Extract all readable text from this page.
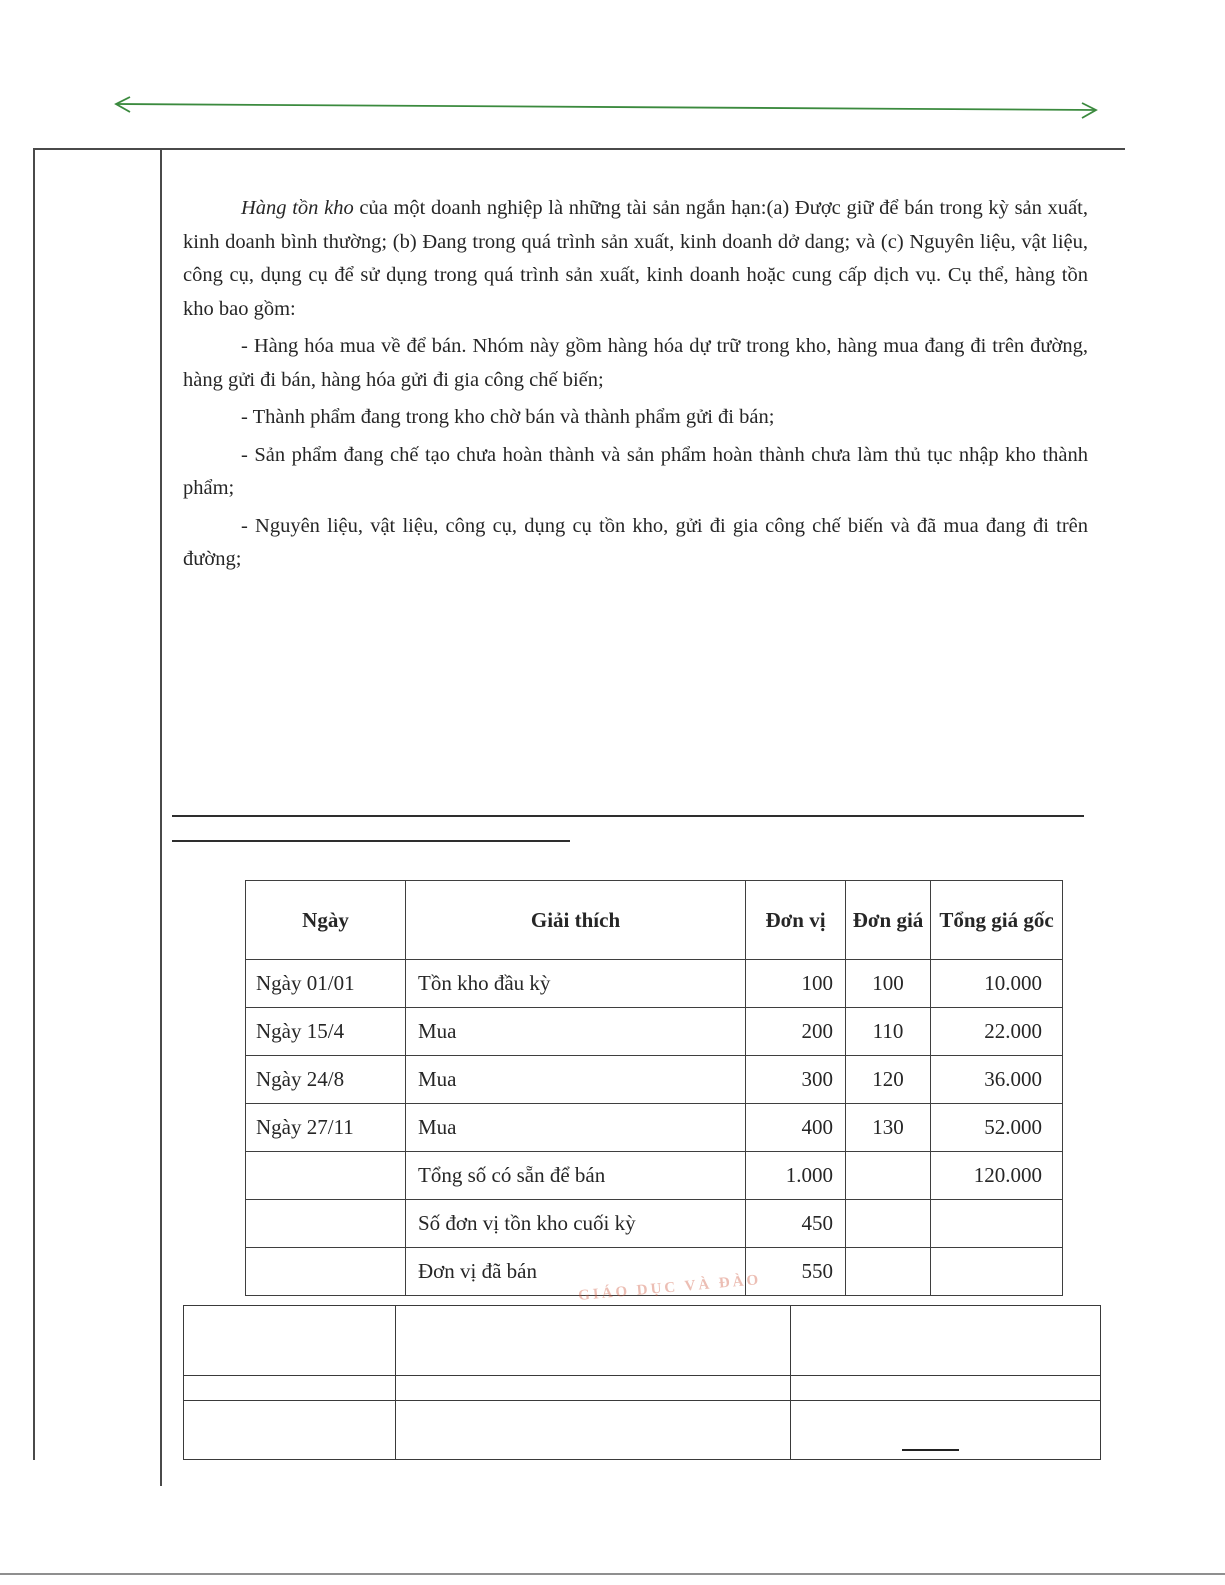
Hàng tồn kho của một doanh nghiệp là những tài sản ngắn hạn:(a) Được giữ để bán trong kỳ sản xuất, kinh doanh bình thường; (b) Đang trong quá trình sản xuất, kinh doanh dở dang; và (c) Nguyên liệu, vật liệu, công cụ, dụng cụ để sử dụng trong quá trình sản xuất, kinh doanh hoặc cung cấp dịch vụ. Cụ thể, hàng tồn kho bao gồm:

- Hàng hóa mua về để bán. Nhóm này gồm hàng hóa dự trữ trong kho, hàng mua đang đi trên đường, hàng gửi đi bán, hàng hóa gửi đi gia công chế biến;

- Thành phẩm đang trong kho chờ bán và thành phẩm gửi đi bán;

- Sản phẩm đang chế tạo chưa hoàn thành và sản phẩm hoàn thành chưa làm thủ tục nhập kho thành phẩm;

- Nguyên liệu, vật liệu, công cụ, dụng cụ tồn kho, gửi đi gia công chế biến và đã mua đang đi trên đường;

Ngày	Giải thích	Đơn vị	Đơn giá	Tổng giá gốc
Ngày 01/01	Tồn kho đầu kỳ	100	100	10.000
Ngày 15/4	Mua	200	110	22.000
Ngày 24/8	Mua	300	120	36.000
Ngày 27/11	Mua	400	130	52.000
	Tổng số có sẵn để bán	1.000		120.000
	Số đơn vị tồn kho cuối kỳ	450		
	Đơn vị đã bán	550		
GIÁO DỤC VÀ ĐÀO
